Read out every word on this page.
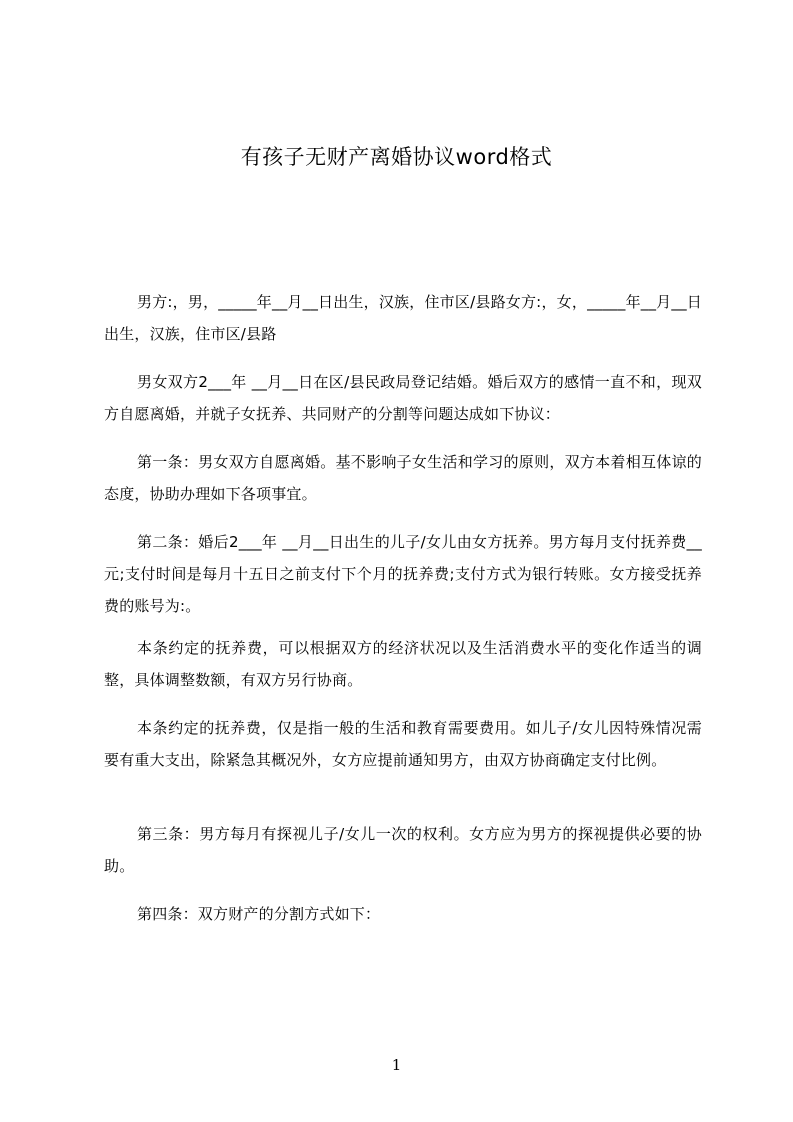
有孩子无财产离婚协议word格式

男方:，男，_____年__月__日出生，汉族，住市区/县路女方:，女，_____年__月__日出生，汉族，住市区/县路

男女双方2___年 __月__日在区/县民政局登记结婚。婚后双方的感情一直不和，现双方自愿离婚，并就子女抚养、共同财产的分割等问题达成如下协议：

第一条：男女双方自愿离婚。基不影响子女生活和学习的原则，双方本着相互体谅的态度，协助办理如下各项事宜。

第二条：婚后2___年 __月__日出生的儿子/女儿由女方抚养。男方每月支付抚养费__元;支付时间是每月十五日之前支付下个月的抚养费;支付方式为银行转账。女方接受抚养费的账号为:。

本条约定的抚养费，可以根据双方的经济状况以及生活消费水平的变化作适当的调整，具体调整数额，有双方另行协商。

本条约定的抚养费，仅是指一般的生活和教育需要费用。如儿子/女儿因特殊情况需要有重大支出，除紧急其概况外，女方应提前通知男方，由双方协商确定支付比例。

第三条：男方每月有探视儿子/女儿一次的权利。女方应为男方的探视提供必要的协助。

第四条：双方财产的分割方式如下：

1
